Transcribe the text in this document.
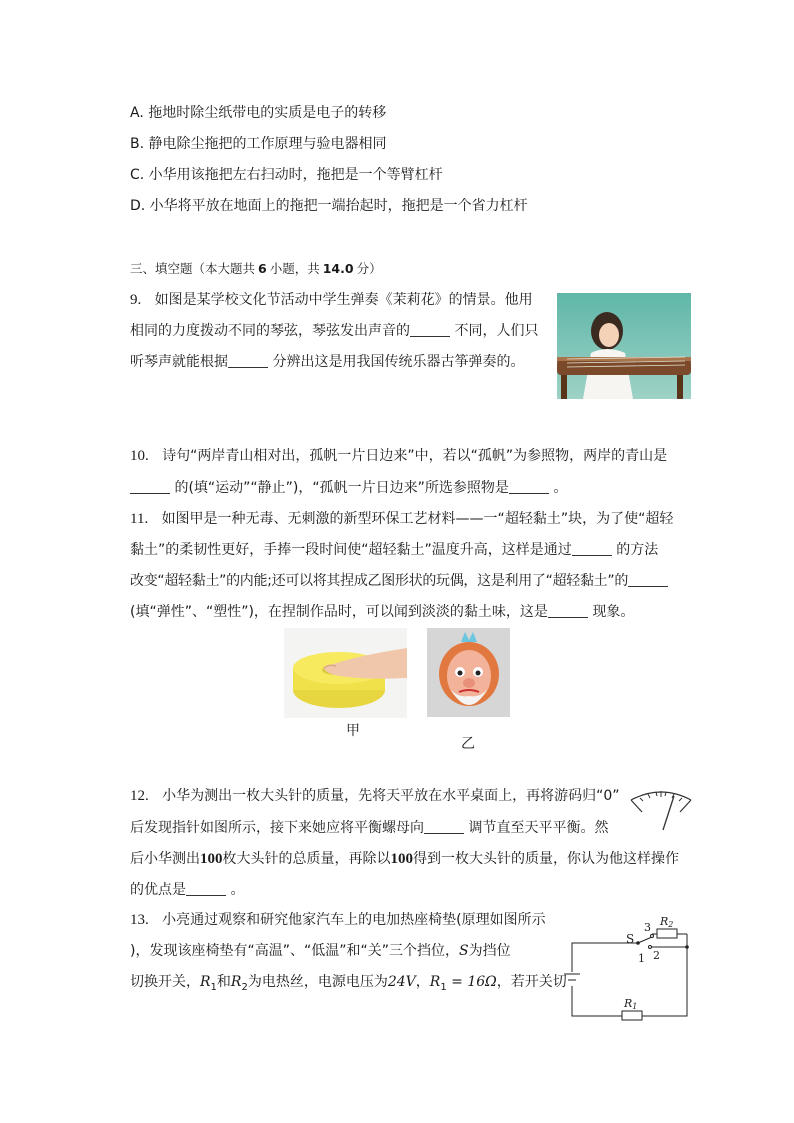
A. 拖地时除尘纸带电的实质是电子的转移
B. 静电除尘拖把的工作原理与验电器相同
C. 小华用该拖把左右扫动时，拖把是一个等臂杠杆
D. 小华将平放在地面上的拖把一端抬起时，拖把是一个省力杠杆
三、填空题（本大题共 6 小题，共 14.0 分）
9. 如图是某学校文化节活动中学生弹奏《茉莉花》的情景。他用
相同的力度拨动不同的琴弦，琴弦发出声音的	不同，人们只
听琴声就能根据	分辨出这是用我国传统乐器古筝弹奏的。
10. 诗句“两岸青山相对出，孤帆一片日边来”中，若以“孤帆”为参照物，两岸的青山是
的(填“运动”“静止”)，“孤帆一片日边来”所选参照物是	。
11. 如图甲是一种无毒、无刺激的新型环保工艺材料——一“超轻黏土”块，为了使“超轻
黏土”的柔韧性更好，手捧一段时间使“超轻黏土”温度升高，这样是通过	的方法
改变“超轻黏土”的内能;还可以将其捏成乙图形状的玩偶，这是利用了“超轻黏土”的
(填“弹性”、“塑性”)，在捏制作品时，可以闻到淡淡的黏土味，这是	现象。
甲
乙
12. 小华为测出一枚大头针的质量，先将天平放在水平桌面上，再将游码归“0”
后发现指针如图所示，接下来她应将平衡螺母向	调节直至天平平衡。然
后小华测出100枚大头针的总质量，再除以100得到一枚大头针的质量，你认为他这样操作
的优点是	。
13. 小亮通过观察和研究他家汽车上的电加热座椅垫(原理如图所示
)，发现该座椅垫有“高温”、“低温”和“关”三个挡位，S为挡位
切换开关，$R_1$和$R_2$为电热丝，电源电压为24V，$R_1 = 16\Omega$，若开关切
S
1 2
3 R2
R1
